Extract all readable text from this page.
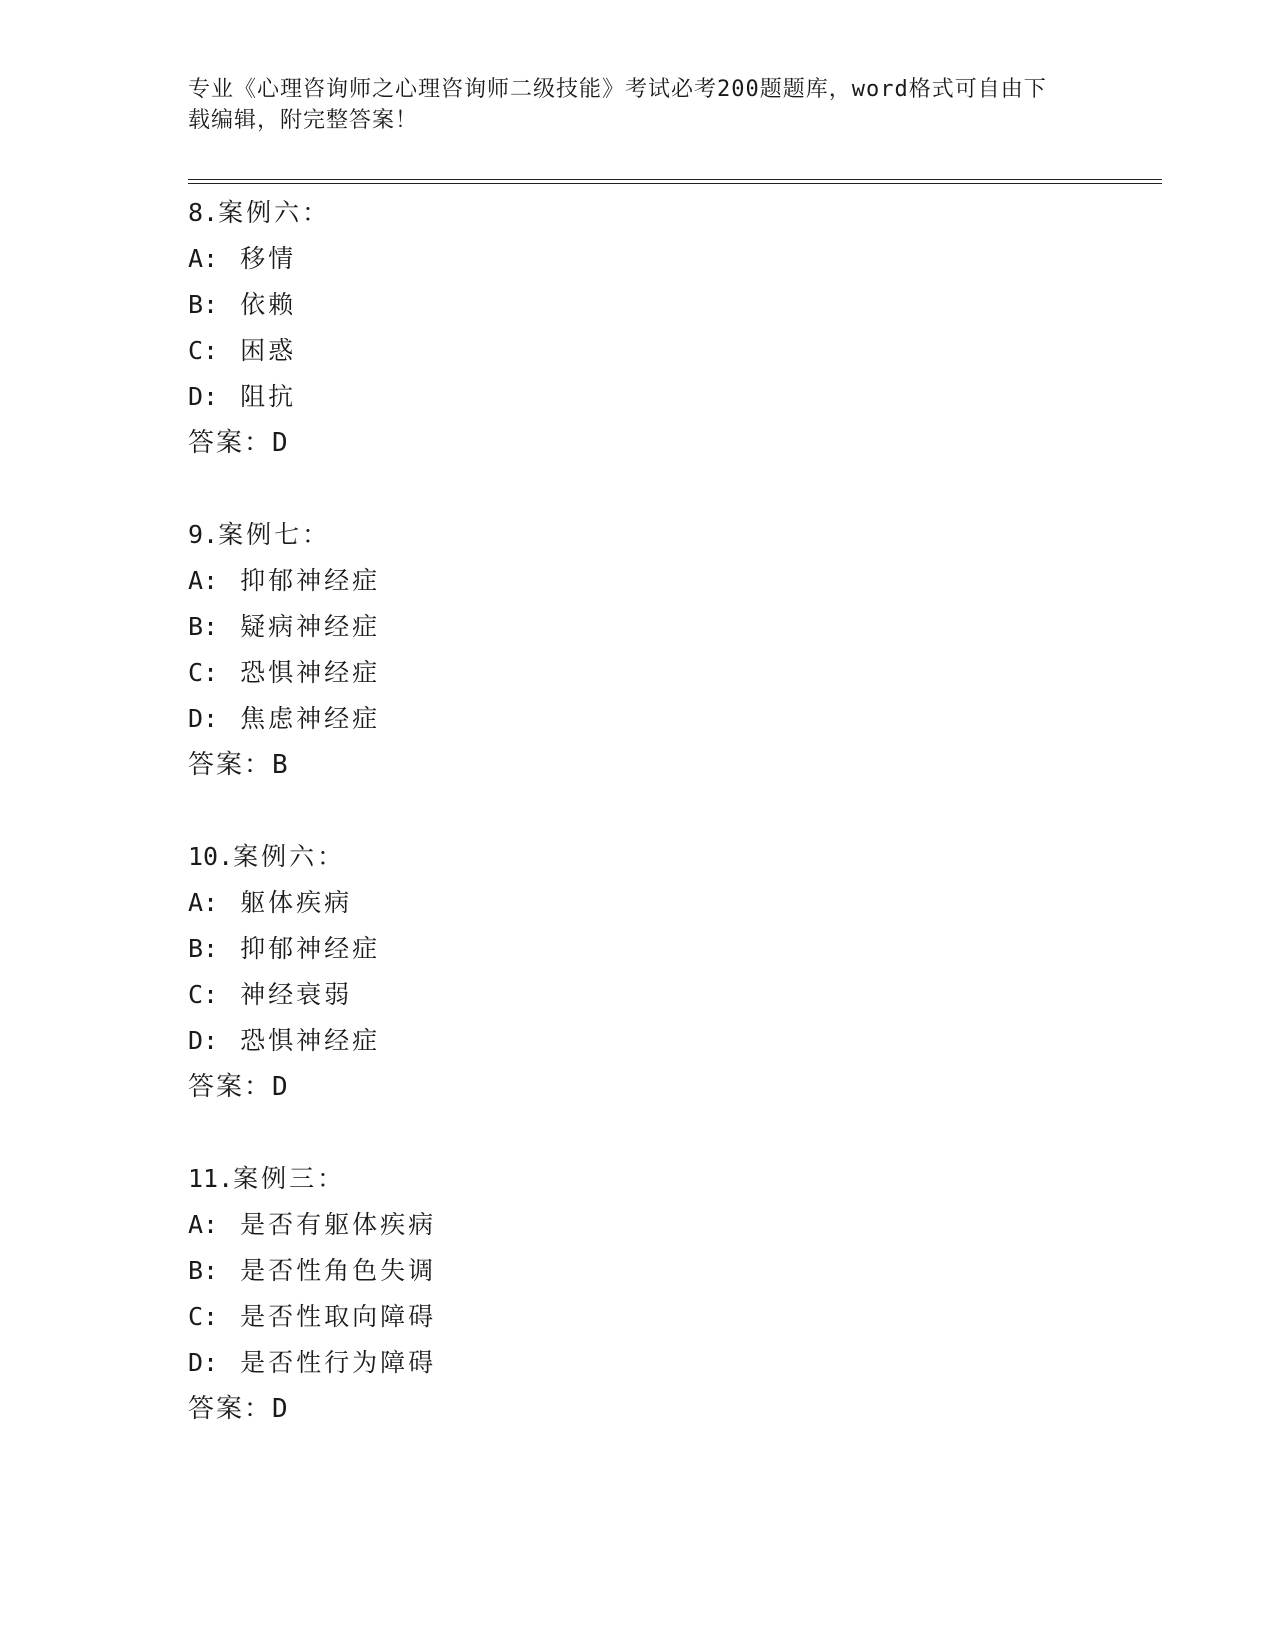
专业《心理咨询师之心理咨询师二级技能》考试必考200题题库，word格式可自由下载编辑，附完整答案！
8.案例六：
A: 移情
B: 依赖
C: 困惑
D: 阻抗
答案：D
9.案例七：
A: 抑郁神经症
B: 疑病神经症
C: 恐惧神经症
D: 焦虑神经症
答案：B
10.案例六：
A: 躯体疾病
B: 抑郁神经症
C: 神经衰弱
D: 恐惧神经症
答案：D
11.案例三：
A: 是否有躯体疾病
B: 是否性角色失调
C: 是否性取向障碍
D: 是否性行为障碍
答案：D
